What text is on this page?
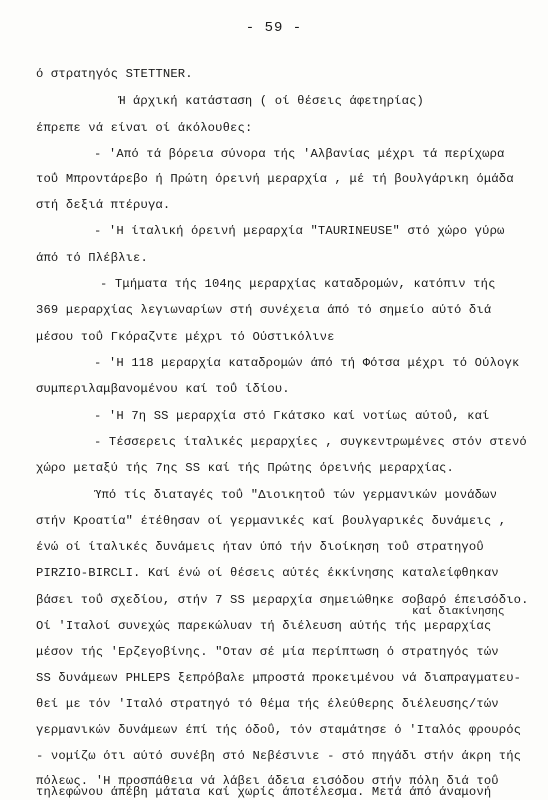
- 59 -
ό στρατηγός STETTNER.
Ή άρχική κατάσταση ( οί θέσεις άφετηρίας)
έπρεπε νά είναι οί άκόλουθες:
- 'Από τά βόρεια σύνορα τής 'Αλβανίας μέχρι τά περίχωρα
τοΰ Μπροντάρεβο ή Πρώτη όρεινή μεραρχία , μέ τή βουλγάρικη όμάδα
στή δεξιά πτέρυγα.
- 'Η ίταλική όρεινή μεραρχία "TAURINEUSE" στό χώρο γύρω
άπό τό Πλέβλιε.
- Τμήματα τής 104ης μεραρχίας καταδρομών, κατόπιν τής
369 μεραρχίας λεγιωναρίων στή συνέχεια άπό τό σημείο αύτό διά
μέσου τοΰ Γκόραζντε μέχρι τό Ούστικόλινε
- 'Η 118 μεραρχία καταδρομών άπό τή Φότσα μέχρι τό Ούλογκ
συμπεριλαμβανομένου καί τοΰ ίδίου.
- 'Η 7η SS μεραρχία στό Γκάτσκο καί νοτίως αύτοΰ, καί
- Τέσσερεις ίταλικές μεραρχίες , συγκεντρωμένες στόν στενό
χώρο μεταξύ τής 7ης SS καί τής Πρώτης όρεινής μεραρχίας.
Ύπό τίς διαταγές τοΰ "Διοικητοΰ τών γερμανικών μονάδων
στήν Κροατία" έτέθησαν οί γερμανικές καί βουλγαρικές δυνάμεις ,
ένώ οί ίταλικές δυνάμεις ήταν ύπό τήν διοίκηση τοΰ στρατηγοΰ
PIRZIO-BIRCLI. Καί ένώ οί θέσεις αύτές έκκίνησης καταλείφθηκαν
βάσει τοΰ σχεδίου, στήν 7 SS μεραρχία σημειώθηκε σοβαρό έπεισόδιο.
Οί 'Ιταλοί συνεχώς παρεκώλυαν τή διέλευση αύτής τής μεραρχίας
μέσον τής 'Ερζεγοβίνης. "Οταν σέ μία περίπτωση ό στρατηγός τών
SS δυνάμεων PHLEPS ξεπρόβαλε μπροστά προκειμένου νά διαπραγματευ-
θεί με τόν 'Ιταλό στρατηγό τό θέμα τής έλεύθερης διέλευσης/τών
γερμανικών δυνάμεων έπί τής όδοΰ, τόν σταμάτησε ό 'Ιταλός φρουρός
- νομίζω ότι αύτό συνέβη στό Νεβέσινιε - στό πηγάδι στήν άκρη τής
πόλεως. 'Η προσπάθεια νά λάβει άδεια εισόδου στήν πόλη διά τοΰ
τηλεφώνου άπέβη μάταια καί χωρίς άποτέλεσμα. Μετά άπό άναμονή
καί διακίνησης
